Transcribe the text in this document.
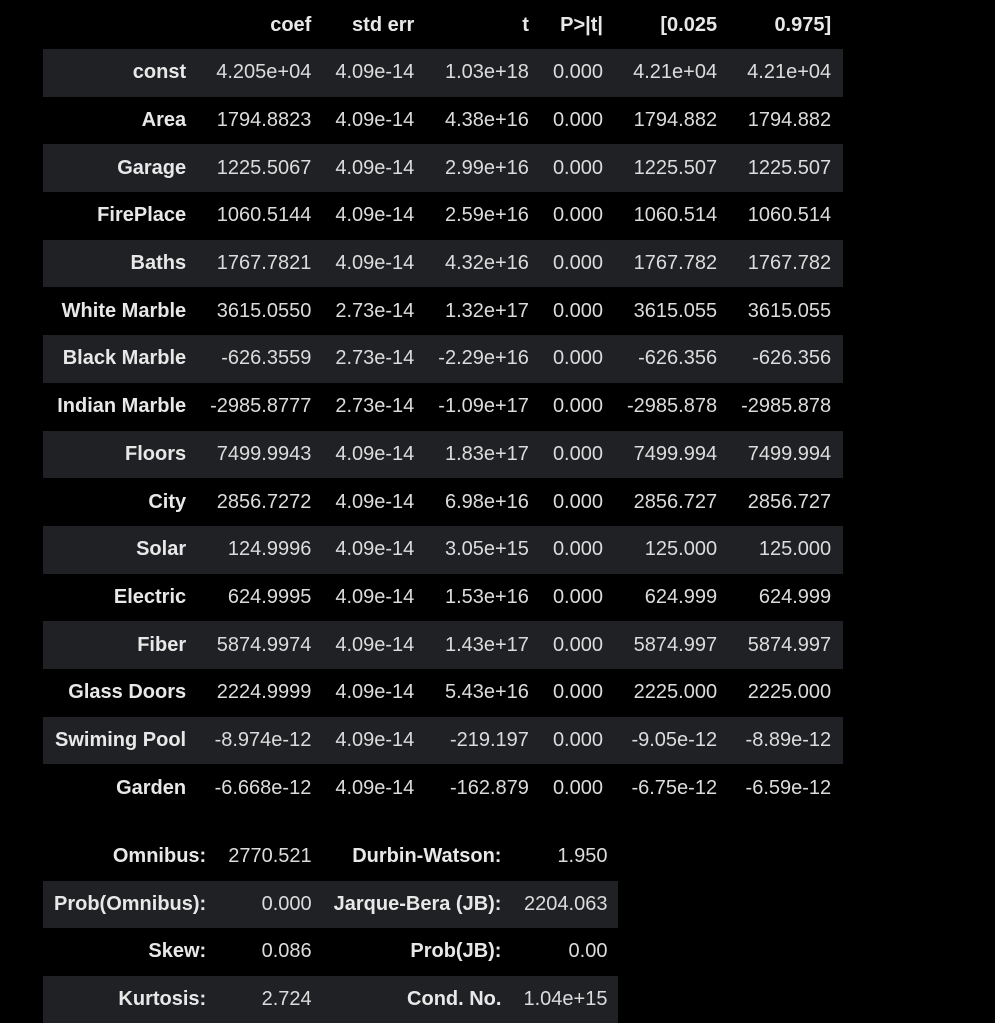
	coef	std err	t	P>|t|	[0.025	0.975]
const	4.205e+04	4.09e-14	1.03e+18	0.000	4.21e+04	4.21e+04
Area	1794.8823	4.09e-14	4.38e+16	0.000	1794.882	1794.882
Garage	1225.5067	4.09e-14	2.99e+16	0.000	1225.507	1225.507
FirePlace	1060.5144	4.09e-14	2.59e+16	0.000	1060.514	1060.514
Baths	1767.7821	4.09e-14	4.32e+16	0.000	1767.782	1767.782
White Marble	3615.0550	2.73e-14	1.32e+17	0.000	3615.055	3615.055
Black Marble	-626.3559	2.73e-14	-2.29e+16	0.000	-626.356	-626.356
Indian Marble	-2985.8777	2.73e-14	-1.09e+17	0.000	-2985.878	-2985.878
Floors	7499.9943	4.09e-14	1.83e+17	0.000	7499.994	7499.994
City	2856.7272	4.09e-14	6.98e+16	0.000	2856.727	2856.727
Solar	124.9996	4.09e-14	3.05e+15	0.000	125.000	125.000
Electric	624.9995	4.09e-14	1.53e+16	0.000	624.999	624.999
Fiber	5874.9974	4.09e-14	1.43e+17	0.000	5874.997	5874.997
Glass Doors	2224.9999	4.09e-14	5.43e+16	0.000	2225.000	2225.000
Swiming Pool	-8.974e-12	4.09e-14	-219.197	0.000	-9.05e-12	-8.89e-12
Garden	-6.668e-12	4.09e-14	-162.879	0.000	-6.75e-12	-6.59e-12
Omnibus:	2770.521	Durbin-Watson:	1.950
Prob(Omnibus):	0.000	Jarque-Bera (JB):	2204.063
Skew:	0.086	Prob(JB):	0.00
Kurtosis:	2.724	Cond. No.	1.04e+15
